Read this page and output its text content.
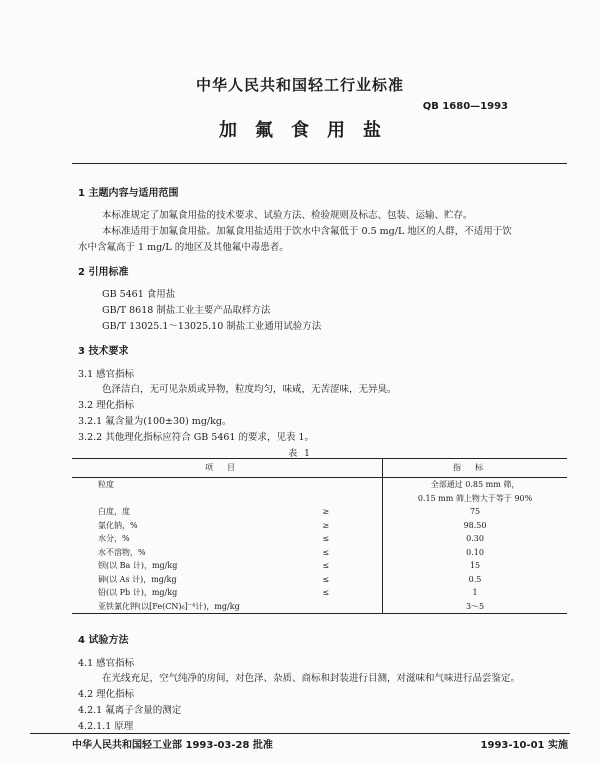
中华人民共和国轻工行业标准
QB 1680—1993
加氟食用盐
1 主题内容与适用范围
本标准规定了加氟食用盐的技术要求、试验方法、检验规则及标志、包装、运输、贮存。
本标准适用于加氟食用盐。加氟食用盐适用于饮水中含氟低于 0.5 mg/L 地区的人群，不适用于饮
水中含氟高于 1 mg/L 的地区及其他氟中毒患者。
2 引用标准
GB 5461 食用盐
GB/T 8618 制盐工业主要产品取样方法
GB/T 13025.1～13025.10 制盐工业通用试验方法
3 技术要求
3.1 感官指标
色泽洁白，无可见杂质或异物，粒度均匀，味咸，无苦涩味，无异臭。
3.2 理化指标
3.2.1 氟含量为(100±30) mg/kg。
3.2.2 其他理化指标应符合 GB 5461 的要求，见表 1。
表 1
项目		指标
粒度		全部通过 0.85 mm 筛，
		0.15 mm 筛上物大于等于 90%
白度，度	≥	75
氯化钠，%	≥	98.50
水分，%	≤	0.30
水不溶物，%	≤	0.10
钡(以 Ba 计)，mg/kg	≤	15
砷(以 As 计)，mg/kg	≤	0.5
铅(以 Pb 计)，mg/kg	≤	1
亚铁氰化钾(以[Fe(CN)₆]⁻⁴计)，mg/kg		3～5
4 试验方法
4.1 感官指标
在光线充足，空气纯净的房间，对色泽、杂质、商标和封装进行目测，对滋味和气味进行品尝鉴定。
4.2 理化指标
4.2.1 氟离子含量的测定
4.2.1.1 原理
中华人民共和国轻工业部 1993-03-28 批准	1993-10-01 实施
